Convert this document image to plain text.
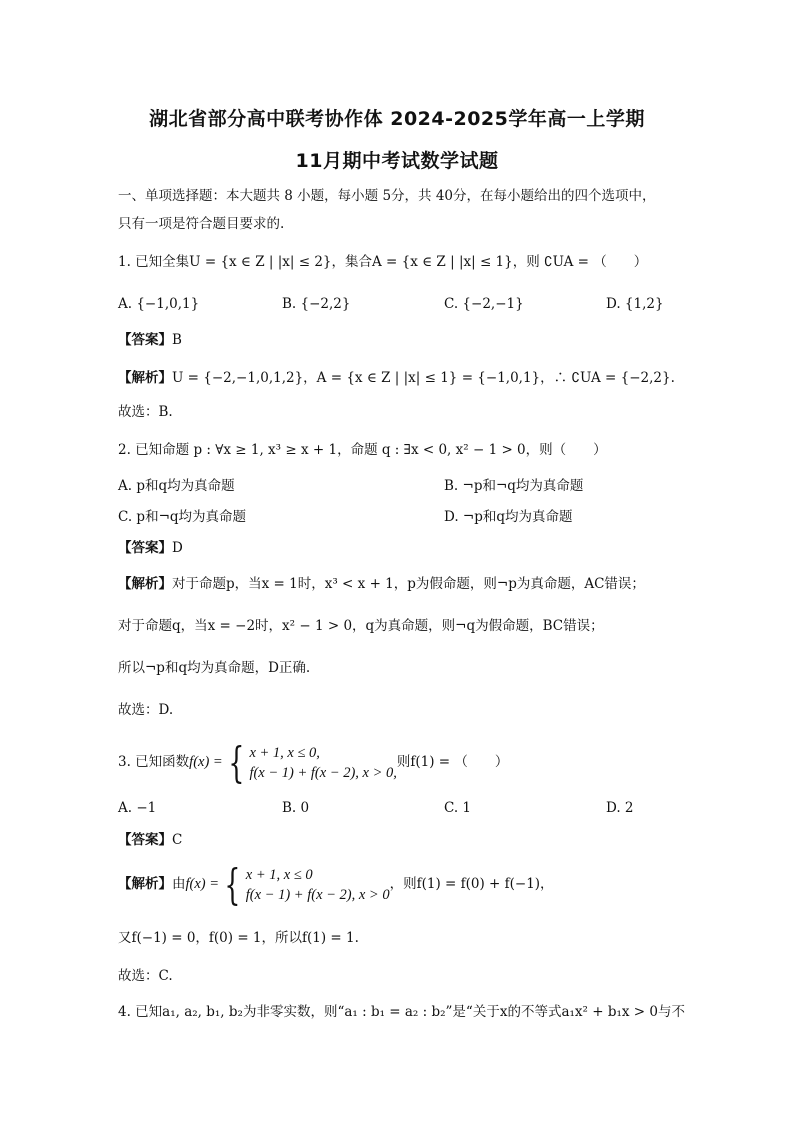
湖北省部分高中联考协作体 2024-2025学年高一上学期
11月期中考试数学试题
一、单项选择题：本大题共 8 小题，每小题 5分，共 40分，在每小题给出的四个选项中，
只有一项是符合题目要求的.
1. 已知全集U = {x ∈ Z | |x| ≤ 2}，集合A = {x ∈ Z | |x| ≤ 1}，则 ∁UA = （　　）
A. {−1,0,1}	B. {−2,2}	C. {−2,−1}	D. {1,2}
【答案】B
【解析】U = {−2,−1,0,1,2}，A = {x ∈ Z | |x| ≤ 1} = {−1,0,1}，∴ ∁UA = {−2,2}.
故选：B.
2. 已知命题 p : ∀x ≥ 1, x³ ≥ x + 1，命题 q : ∃x < 0, x² − 1 > 0，则（　　）
A. p和q均为真命题	B. ¬p和¬q均为真命题
C. p和¬q均为真命题	D. ¬p和q均为真命题
【答案】D
【解析】对于命题p，当x = 1时，x³ < x + 1，p为假命题，则¬p为真命题，AC错误；
对于命题q，当x = −2时，x² − 1 > 0，q为真命题，则¬q为假命题，BC错误；
所以¬p和q均为真命题，D正确.
故选：D.
3. 已知函数f(x) = { x + 1, x ≤ 0,
f(x − 1) + f(x − 2), x > 0,
则f(1) = （　　）
A. −1	B. 0	C. 1	D. 2
【答案】C
【解析】由f(x) = { x + 1, x ≤ 0
f(x − 1) + f(x − 2), x > 0
，则f(1) = f(0) + f(−1)，
又f(−1) = 0，f(0) = 1，所以f(1) = 1.
故选：C.
4. 已知a₁, a₂, b₁, b₂为非零实数，则“a₁ : b₁ = a₂ : b₂”是“关于x的不等式a₁x² + b₁x > 0与不
